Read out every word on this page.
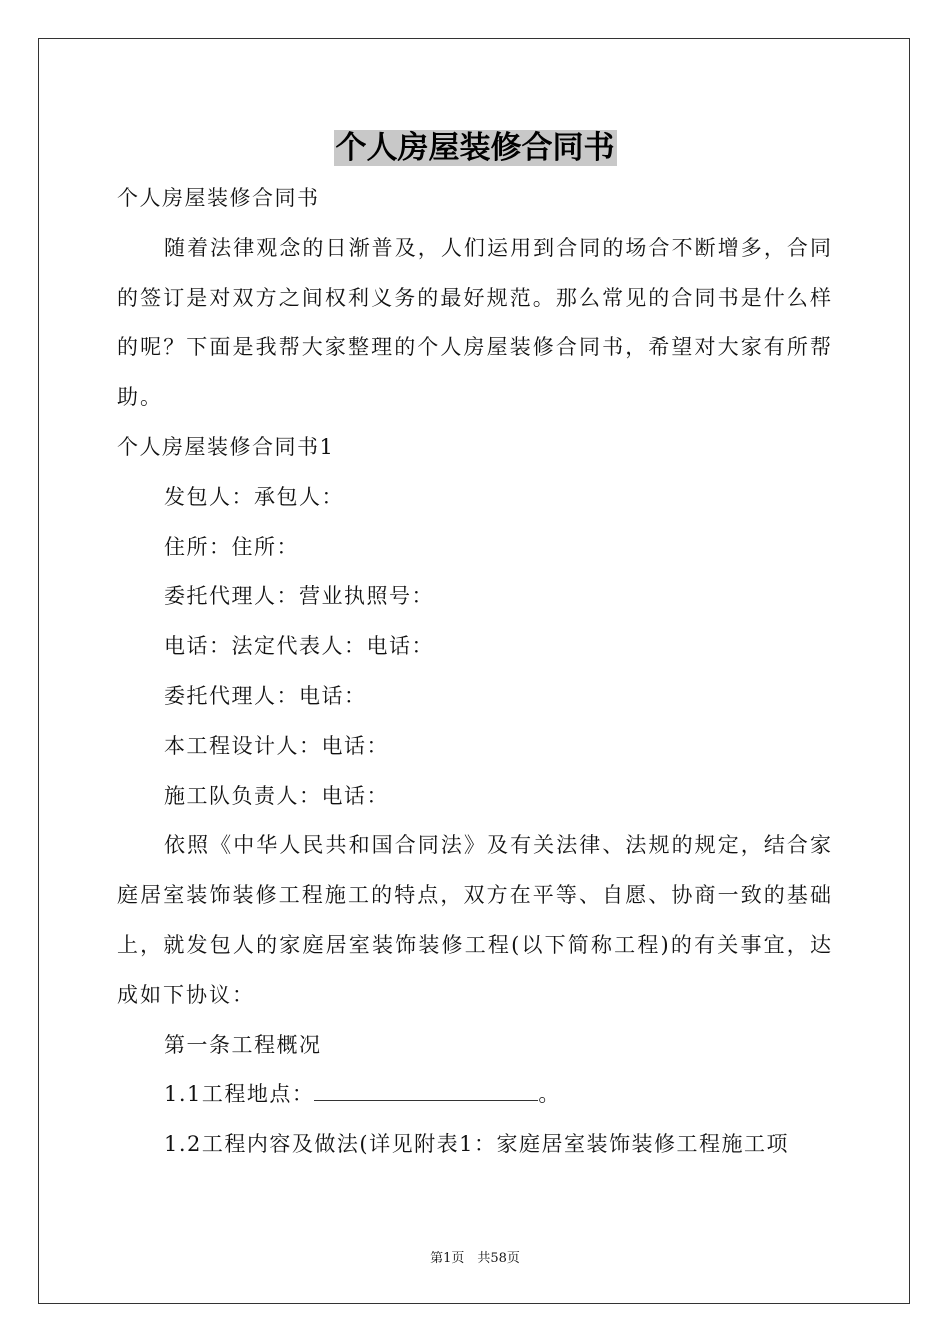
个人房屋装修合同书
个人房屋装修合同书
随着法律观念的日渐普及，人们运用到合同的场合不断增多，合同的签订是对双方之间权利义务的最好规范。那么常见的合同书是什么样的呢？下面是我帮大家整理的个人房屋装修合同书，希望对大家有所帮助。
个人房屋装修合同书1
发包人：承包人：
住所：住所：
委托代理人：营业执照号：
电话：法定代表人：电话：
委托代理人：电话：
本工程设计人：电话：
施工队负责人：电话：
依照《中华人民共和国合同法》及有关法律、法规的规定，结合家庭居室装饰装修工程施工的特点，双方在平等、自愿、协商一致的基础上，就发包人的家庭居室装饰装修工程(以下简称工程)的有关事宜，达成如下协议：
第一条工程概况
1.1工程地点：	。
1.2工程内容及做法(详见附表1：家庭居室装饰装修工程施工项
第1页　共58页
